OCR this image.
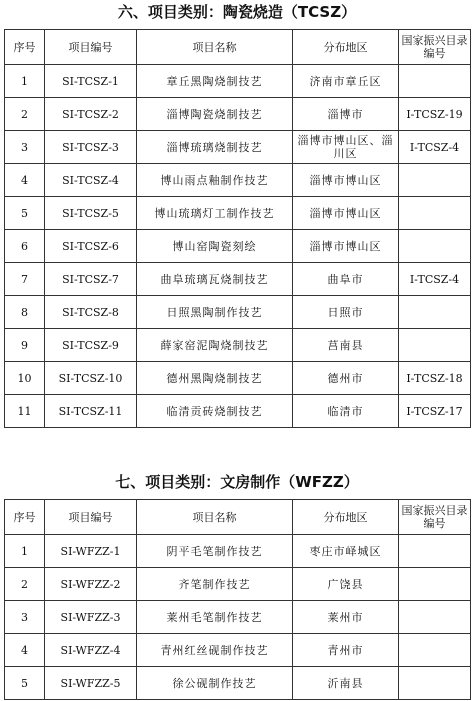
六、项目类别：陶瓷烧造（TCSZ）
序号	项目编号	项目名称	分布地区	国家振兴目录编号
1	SI-TCSZ-1	章丘黑陶烧制技艺	济南市章丘区	
2	SI-TCSZ-2	淄博陶瓷烧制技艺	淄博市	I-TCSZ-19
3	SI-TCSZ-3	淄博琉璃烧制技艺	淄博市博山区、淄川区	I-TCSZ-4
4	SI-TCSZ-4	博山雨点釉制作技艺	淄博市博山区	
5	SI-TCSZ-5	博山琉璃灯工制作技艺	淄博市博山区	
6	SI-TCSZ-6	博山窑陶瓷刻绘	淄博市博山区	
7	SI-TCSZ-7	曲阜琉璃瓦烧制技艺	曲阜市	I-TCSZ-4
8	SI-TCSZ-8	日照黑陶制作技艺	日照市	
9	SI-TCSZ-9	薛家窑泥陶烧制技艺	莒南县	
10	SI-TCSZ-10	德州黑陶烧制技艺	德州市	I-TCSZ-18
11	SI-TCSZ-11	临清贡砖烧制技艺	临清市	I-TCSZ-17
七、项目类别：文房制作（WFZZ）
序号	项目编号	项目名称	分布地区	国家振兴目录编号
1	SI-WFZZ-1	阴平毛笔制作技艺	枣庄市峄城区	
2	SI-WFZZ-2	齐笔制作技艺	广饶县	
3	SI-WFZZ-3	莱州毛笔制作技艺	莱州市	
4	SI-WFZZ-4	青州红丝砚制作技艺	青州市	
5	SI-WFZZ-5	徐公砚制作技艺	沂南县	
